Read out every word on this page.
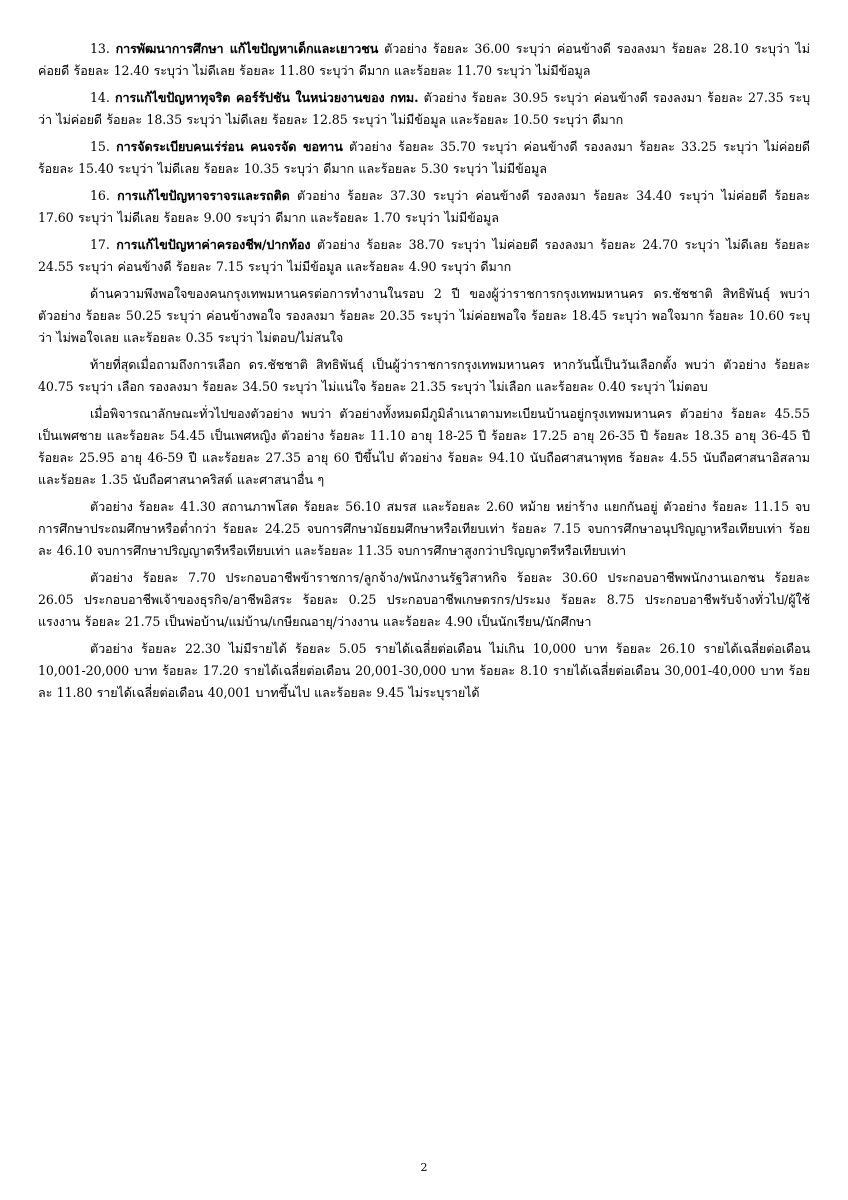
13. การพัฒนาการศึกษา แก้ไขปัญหาเด็กและเยาวชน ตัวอย่าง ร้อยละ 36.00 ระบุว่า ค่อนข้างดี รองลงมา ร้อยละ 28.10 ระบุว่า ไม่ค่อยดี ร้อยละ 12.40 ระบุว่า ไม่ดีเลย ร้อยละ 11.80 ระบุว่า ดีมาก และร้อยละ 11.70 ระบุว่า ไม่มีข้อมูล

14. การแก้ไขปัญหาทุจริต คอร์รัปชัน ในหน่วยงานของ กทม. ตัวอย่าง ร้อยละ 30.95 ระบุว่า ค่อนข้างดี รองลงมา ร้อยละ 27.35 ระบุว่า ไม่ค่อยดี ร้อยละ 18.35 ระบุว่า ไม่ดีเลย ร้อยละ 12.85 ระบุว่า ไม่มีข้อมูล และร้อยละ 10.50 ระบุว่า ดีมาก

15. การจัดระเบียบคนเร่ร่อน คนจรจัด ขอทาน ตัวอย่าง ร้อยละ 35.70 ระบุว่า ค่อนข้างดี รองลงมา ร้อยละ 33.25 ระบุว่า ไม่ค่อยดี ร้อยละ 15.40 ระบุว่า ไม่ดีเลย ร้อยละ 10.35 ระบุว่า ดีมาก และร้อยละ 5.30 ระบุว่า ไม่มีข้อมูล

16. การแก้ไขปัญหาจราจรและรถติด ตัวอย่าง ร้อยละ 37.30 ระบุว่า ค่อนข้างดี รองลงมา ร้อยละ 34.40 ระบุว่า ไม่ค่อยดี ร้อยละ 17.60 ระบุว่า ไม่ดีเลย ร้อยละ 9.00 ระบุว่า ดีมาก และร้อยละ 1.70 ระบุว่า ไม่มีข้อมูล

17. การแก้ไขปัญหาค่าครองชีพ/ปากท้อง ตัวอย่าง ร้อยละ 38.70 ระบุว่า ไม่ค่อยดี รองลงมา ร้อยละ 24.70 ระบุว่า ไม่ดีเลย ร้อยละ 24.55 ระบุว่า ค่อนข้างดี ร้อยละ 7.15 ระบุว่า ไม่มีข้อมูล และร้อยละ 4.90 ระบุว่า ดีมาก

ด้านความพึงพอใจของคนกรุงเทพมหานครต่อการทำงานในรอบ 2 ปี ของผู้ว่าราชการกรุงเทพมหานคร ดร.ชัชชาติ สิทธิพันธุ์ พบว่า ตัวอย่าง ร้อยละ 50.25 ระบุว่า ค่อนข้างพอใจ รองลงมา ร้อยละ 20.35 ระบุว่า ไม่ค่อยพอใจ ร้อยละ 18.45 ระบุว่า พอใจมาก ร้อยละ 10.60 ระบุว่า ไม่พอใจเลย และร้อยละ 0.35 ระบุว่า ไม่ตอบ/ไม่สนใจ

ท้ายที่สุดเมื่อถามถึงการเลือก ดร.ชัชชาติ สิทธิพันธุ์ เป็นผู้ว่าราชการกรุงเทพมหานคร หากวันนี้เป็นวันเลือกตั้ง พบว่า ตัวอย่าง ร้อยละ 40.75 ระบุว่า เลือก รองลงมา ร้อยละ 34.50 ระบุว่า ไม่แน่ใจ ร้อยละ 21.35 ระบุว่า ไม่เลือก และร้อยละ 0.40 ระบุว่า ไม่ตอบ

เมื่อพิจารณาลักษณะทั่วไปของตัวอย่าง พบว่า ตัวอย่างทั้งหมดมีภูมิลำเนาตามทะเบียนบ้านอยู่กรุงเทพมหานคร ตัวอย่าง ร้อยละ 45.55 เป็นเพศชาย และร้อยละ 54.45 เป็นเพศหญิง ตัวอย่าง ร้อยละ 11.10 อายุ 18-25 ปี ร้อยละ 17.25 อายุ 26-35 ปี ร้อยละ 18.35 อายุ 36-45 ปี ร้อยละ 25.95 อายุ 46-59 ปี และร้อยละ 27.35 อายุ 60 ปีขึ้นไป ตัวอย่าง ร้อยละ 94.10 นับถือศาสนาพุทธ ร้อยละ 4.55 นับถือศาสนาอิสลาม และร้อยละ 1.35 นับถือศาสนาคริสต์ และศาสนาอื่น ๆ

ตัวอย่าง ร้อยละ 41.30 สถานภาพโสด ร้อยละ 56.10 สมรส และร้อยละ 2.60 หม้าย หย่าร้าง แยกกันอยู่ ตัวอย่าง ร้อยละ 11.15 จบการศึกษาประถมศึกษาหรือต่ำกว่า ร้อยละ 24.25 จบการศึกษามัธยมศึกษาหรือเทียบเท่า ร้อยละ 7.15 จบการศึกษาอนุปริญญาหรือเทียบเท่า ร้อยละ 46.10 จบการศึกษาปริญญาตรีหรือเทียบเท่า และร้อยละ 11.35 จบการศึกษาสูงกว่าปริญญาตรีหรือเทียบเท่า

ตัวอย่าง ร้อยละ 7.70 ประกอบอาชีพข้าราชการ/ลูกจ้าง/พนักงานรัฐวิสาหกิจ ร้อยละ 30.60 ประกอบอาชีพพนักงานเอกชน ร้อยละ 26.05 ประกอบอาชีพเจ้าของธุรกิจ/อาชีพอิสระ ร้อยละ 0.25 ประกอบอาชีพเกษตรกร/ประมง ร้อยละ 8.75 ประกอบอาชีพรับจ้างทั่วไป/ผู้ใช้แรงงาน ร้อยละ 21.75 เป็นพ่อบ้าน/แม่บ้าน/เกษียณอายุ/ว่างงาน และร้อยละ 4.90 เป็นนักเรียน/นักศึกษา

ตัวอย่าง ร้อยละ 22.30 ไม่มีรายได้ ร้อยละ 5.05 รายได้เฉลี่ยต่อเดือน ไม่เกิน 10,000 บาท ร้อยละ 26.10 รายได้เฉลี่ยต่อเดือน 10,001-20,000 บาท ร้อยละ 17.20 รายได้เฉลี่ยต่อเดือน 20,001-30,000 บาท ร้อยละ 8.10 รายได้เฉลี่ยต่อเดือน 30,001-40,000 บาท ร้อยละ 11.80 รายได้เฉลี่ยต่อเดือน 40,001 บาทขึ้นไป และร้อยละ 9.45 ไม่ระบุรายได้

2
